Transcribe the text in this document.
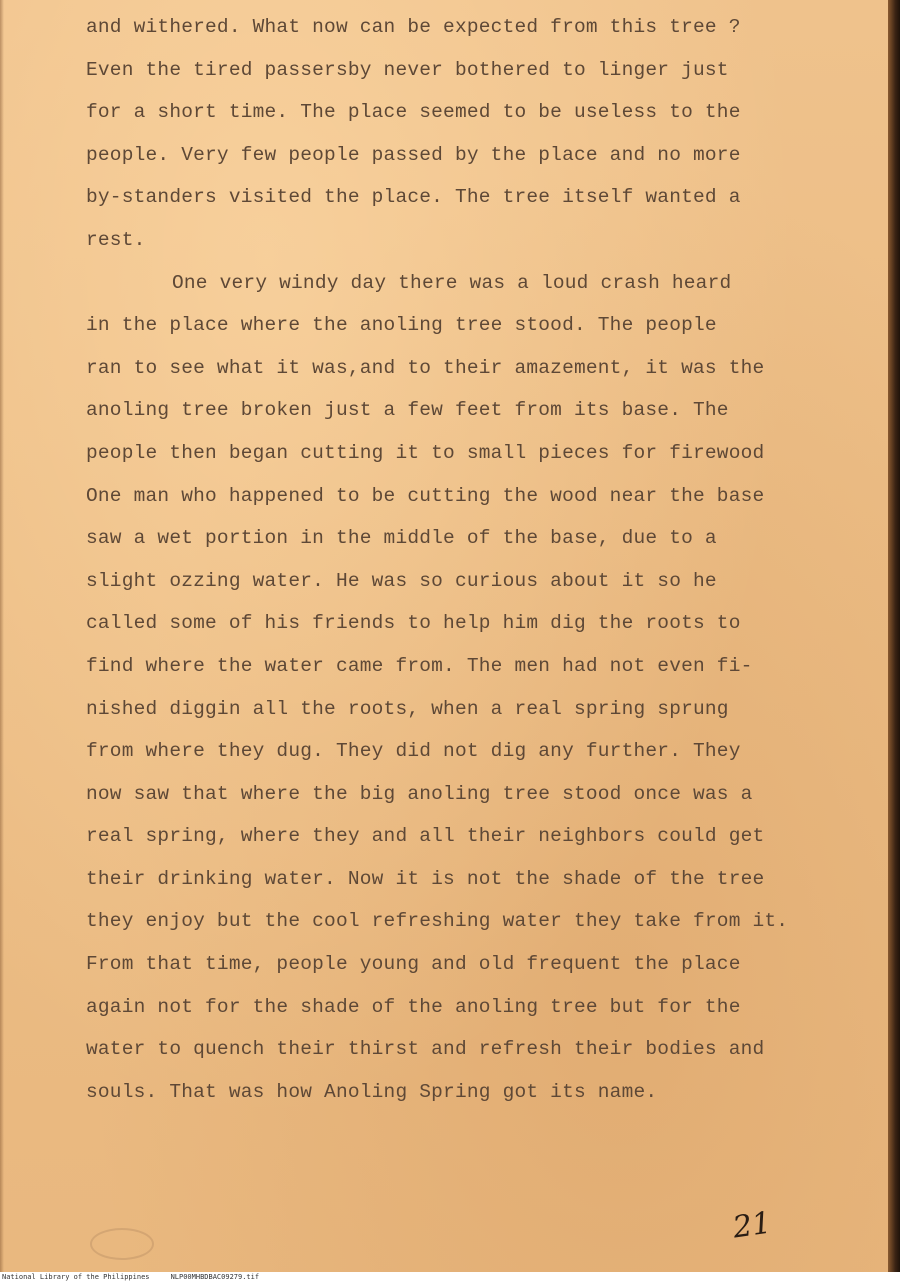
and withered. What now can be expected from this tree ?
Even the tired passersby never bothered to linger just
for a short time. The place seemed to be useless to the
people. Very few people passed by the place and no more
by-standers visited the place. The tree itself wanted a
rest.
One very windy day there was a loud crash heard
in the place where the anoling tree stood. The people
ran to see what it was,and to their amazement, it was the
anoling tree broken just a few feet from its base. The
people then began cutting it to small pieces for firewood
One man who happened to be cutting the wood near the base
saw a wet portion in the middle of the base, due to a
slight ozzing water. He was so curious about it so he
called some of his friends to help him dig the roots to
find where the water came from. The men had not even fi-
nished diggin all the roots, when a real spring sprung
from where they dug. They did not dig any further. They
now saw that where the big anoling tree stood once was a
real spring, where they and all their neighbors could get
their drinking water. Now it is not the shade of the tree
they enjoy but the cool refreshing water they take from it.
From that time, people young and old frequent the place
again not for the shade of the anoling tree but for the
water to quench their thirst and refresh their bodies and
souls. That was how Anoling Spring got its name.
21
National Library of the Philippines     NLP00MHBDBAC09279.tif
